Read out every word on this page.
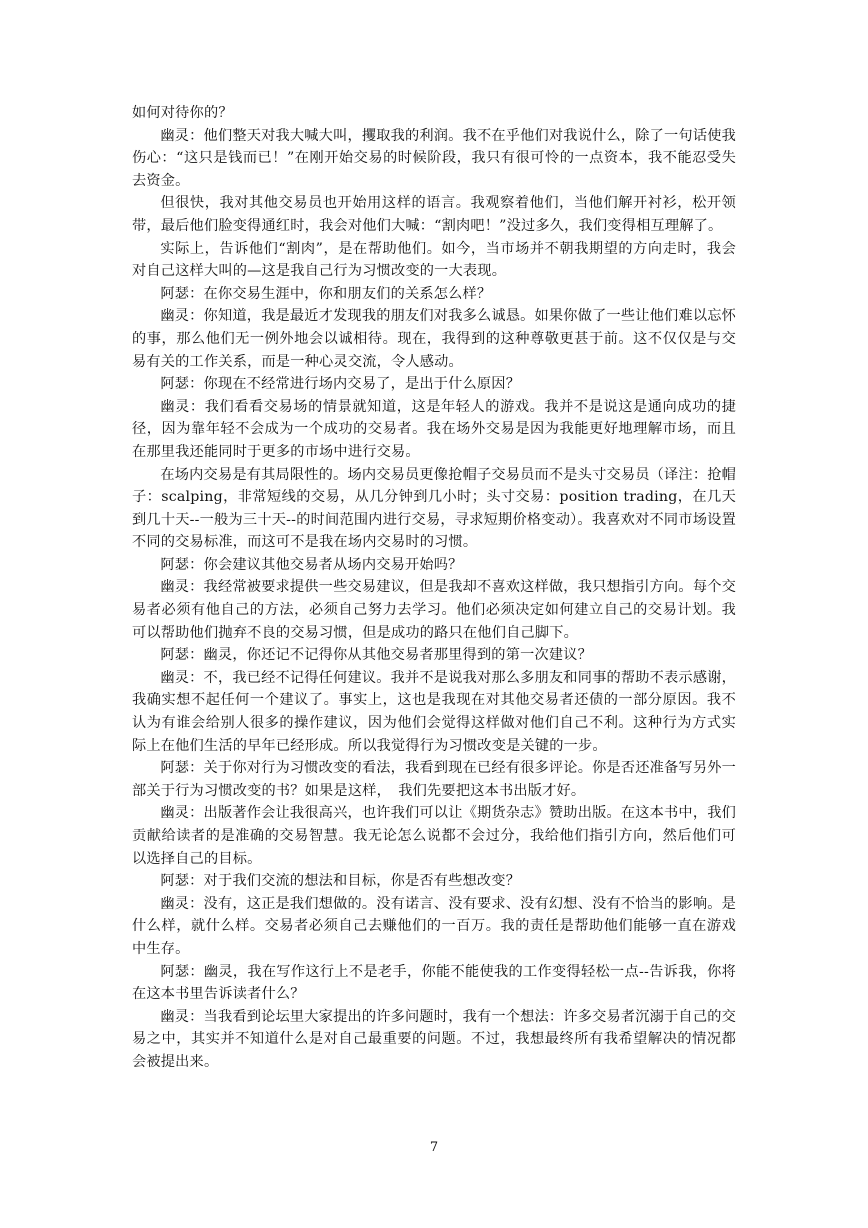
如何对待你的？

幽灵：他们整天对我大喊大叫，攫取我的利润。我不在乎他们对我说什么，除了一句话使我伤心：“这只是钱而已！”在刚开始交易的时候阶段，我只有很可怜的一点资本，我不能忍受失去资金。

但很快，我对其他交易员也开始用这样的语言。我观察着他们，当他们解开衬衫，松开领带，最后他们脸变得通红时，我会对他们大喊：“割肉吧！”没过多久，我们变得相互理解了。

实际上，告诉他们“割肉”，是在帮助他们。如今，当市场并不朝我期望的方向走时，我会对自己这样大叫的—这是我自己行为习惯改变的一大表现。

阿瑟：在你交易生涯中，你和朋友们的关系怎么样？

幽灵：你知道，我是最近才发现我的朋友们对我多么诚恳。如果你做了一些让他们难以忘怀的事，那么他们无一例外地会以诚相待。现在，我得到的这种尊敬更甚于前。这不仅仅是与交易有关的工作关系，而是一种心灵交流，令人感动。

阿瑟：你现在不经常进行场内交易了，是出于什么原因？

幽灵：我们看看交易场的情景就知道，这是年轻人的游戏。我并不是说这是通向成功的捷径，因为靠年轻不会成为一个成功的交易者。我在场外交易是因为我能更好地理解市场，而且在那里我还能同时于更多的市场中进行交易。

在场内交易是有其局限性的。场内交易员更像抢帽子交易员而不是头寸交易员（译注：抢帽子：scalping，非常短线的交易，从几分钟到几小时；头寸交易：position trading，在几天到几十天--一般为三十天--的时间范围内进行交易，寻求短期价格变动）。我喜欢对不同市场设置不同的交易标准，而这可不是我在场内交易时的习惯。

阿瑟：你会建议其他交易者从场内交易开始吗？

幽灵：我经常被要求提供一些交易建议，但是我却不喜欢这样做，我只想指引方向。每个交易者必须有他自己的方法，必须自己努力去学习。他们必须决定如何建立自己的交易计划。我可以帮助他们抛弃不良的交易习惯，但是成功的路只在他们自己脚下。

阿瑟：幽灵，你还记不记得你从其他交易者那里得到的第一次建议？

幽灵：不，我已经不记得任何建议。我并不是说我对那么多朋友和同事的帮助不表示感谢，我确实想不起任何一个建议了。事实上，这也是我现在对其他交易者还债的一部分原因。我不认为有谁会给别人很多的操作建议，因为他们会觉得这样做对他们自己不利。这种行为方式实际上在他们生活的早年已经形成。所以我觉得行为习惯改变是关键的一步。

阿瑟：关于你对行为习惯改变的看法，我看到现在已经有很多评论。你是否还准备写另外一部关于行为习惯改变的书？如果是这样，　我们先要把这本书出版才好。

幽灵：出版著作会让我很高兴，也许我们可以让《期货杂志》赞助出版。在这本书中，我们贡献给读者的是准确的交易智慧。我无论怎么说都不会过分，我给他们指引方向，然后他们可以选择自己的目标。

阿瑟：对于我们交流的想法和目标，你是否有些想改变？

幽灵：没有，这正是我们想做的。没有诺言、没有要求、没有幻想、没有不恰当的影响。是什么样，就什么样。交易者必须自己去赚他们的一百万。我的责任是帮助他们能够一直在游戏中生存。

阿瑟：幽灵，我在写作这行上不是老手，你能不能使我的工作变得轻松一点--告诉我，你将在这本书里告诉读者什么？

幽灵：当我看到论坛里大家提出的许多问题时，我有一个想法：许多交易者沉溺于自己的交易之中，其实并不知道什么是对自己最重要的问题。不过，我想最终所有我希望解决的情况都会被提出来。

7
